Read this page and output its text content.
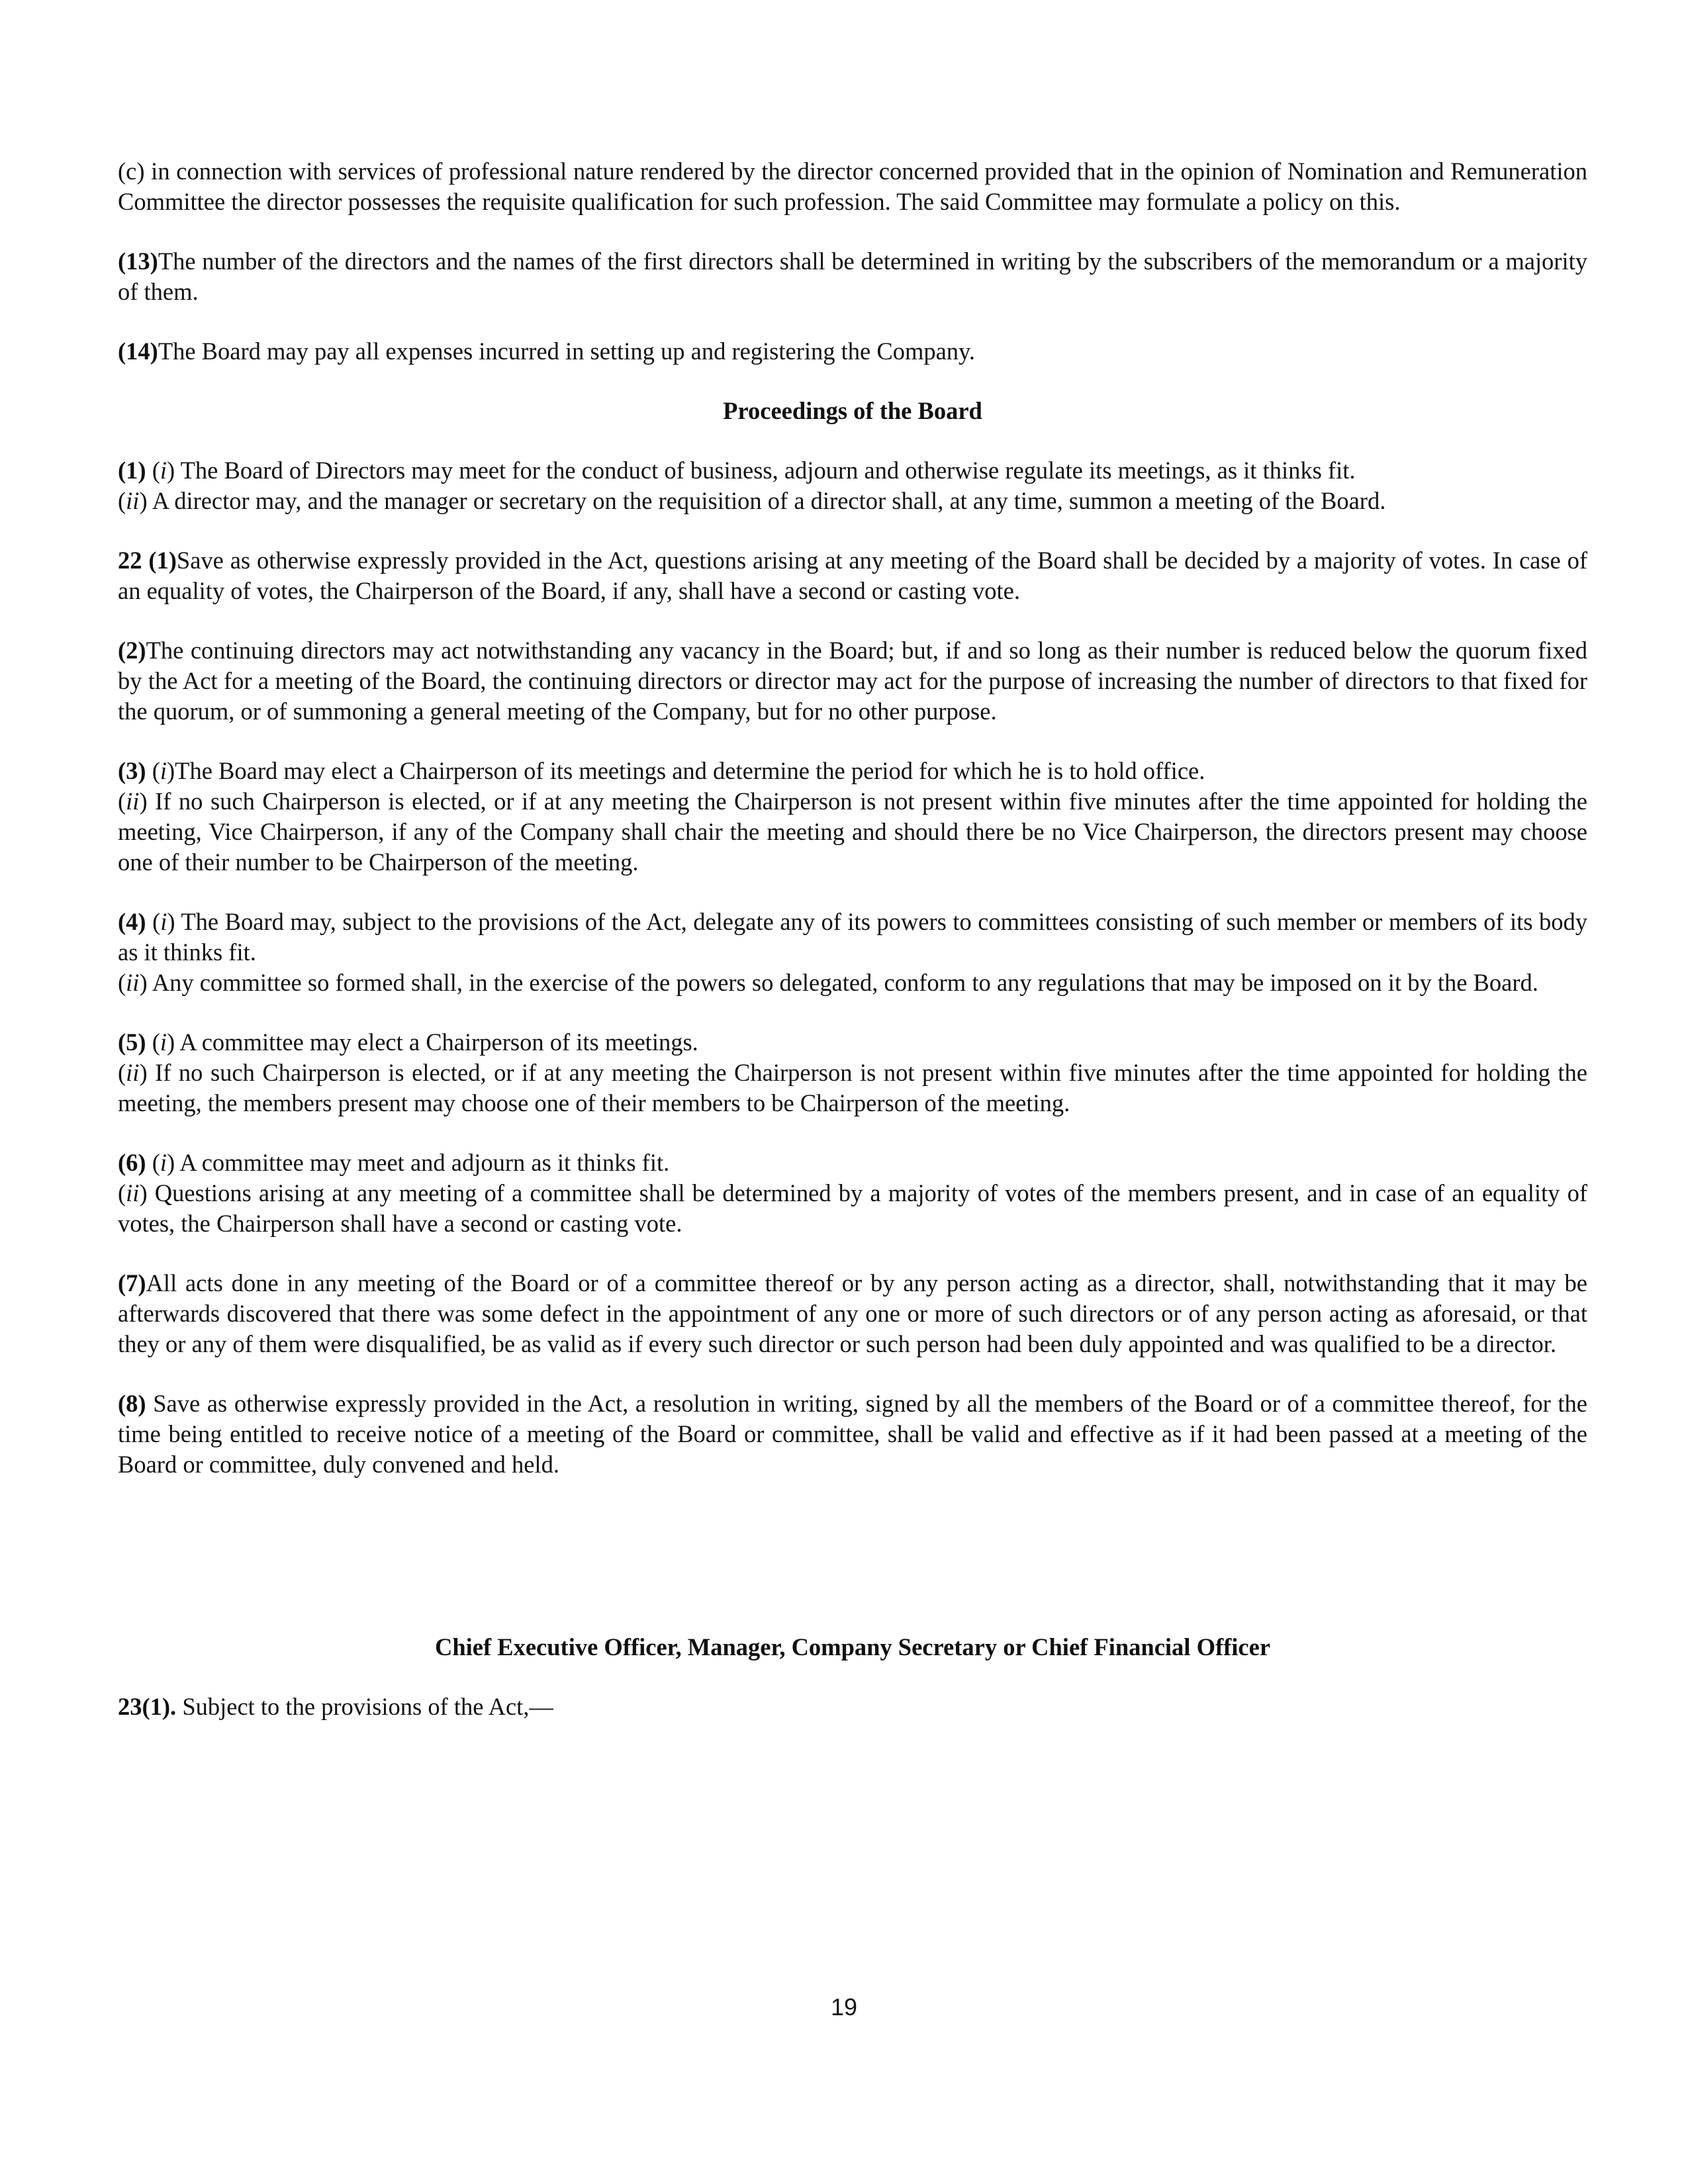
(c) in connection with services of professional nature rendered by the director concerned provided that in the opinion of Nomination and Remuneration Committee the director possesses the requisite qualification for such profession. The said Committee may formulate a policy on this.

(13)The number of the directors and the names of the first directors shall be determined in writing by the subscribers of the memorandum or a majority of them.

(14)The Board may pay all expenses incurred in setting up and registering the Company.

Proceedings of the Board

(1) (i) The Board of Directors may meet for the conduct of business, adjourn and otherwise regulate its meetings, as it thinks fit.
(ii) A director may, and the manager or secretary on the requisition of a director shall, at any time, summon a meeting of the Board.

22 (1)Save as otherwise expressly provided in the Act, questions arising at any meeting of the Board shall be decided by a majority of votes. In case of an equality of votes, the Chairperson of the Board, if any, shall have a second or casting vote.

(2)The continuing directors may act notwithstanding any vacancy in the Board; but, if and so long as their number is reduced below the quorum fixed by the Act for a meeting of the Board, the continuing directors or director may act for the purpose of increasing the number of directors to that fixed for the quorum, or of summoning a general meeting of the Company, but for no other purpose.

(3) (i)The Board may elect a Chairperson of its meetings and determine the period for which he is to hold office.
(ii) If no such Chairperson is elected, or if at any meeting the Chairperson is not present within five minutes after the time appointed for holding the meeting, Vice Chairperson, if any of the Company shall chair the meeting and should there be no Vice Chairperson, the directors present may choose one of their number to be Chairperson of the meeting.

(4) (i) The Board may, subject to the provisions of the Act, delegate any of its powers to committees consisting of such member or members of its body as it thinks fit.
(ii) Any committee so formed shall, in the exercise of the powers so delegated, conform to any regulations that may be imposed on it by the Board.

(5) (i) A committee may elect a Chairperson of its meetings.
(ii) If no such Chairperson is elected, or if at any meeting the Chairperson is not present within five minutes after the time appointed for holding the meeting, the members present may choose one of their members to be Chairperson of the meeting.

(6) (i) A committee may meet and adjourn as it thinks fit.
(ii) Questions arising at any meeting of a committee shall be determined by a majority of votes of the members present, and in case of an equality of votes, the Chairperson shall have a second or casting vote.

(7)All acts done in any meeting of the Board or of a committee thereof or by any person acting as a director, shall, notwithstanding that it may be afterwards discovered that there was some defect in the appointment of any one or more of such directors or of any person acting as aforesaid, or that they or any of them were disqualified, be as valid as if every such director or such person had been duly appointed and was qualified to be a director.

(8) Save as otherwise expressly provided in the Act, a resolution in writing, signed by all the members of the Board or of a committee thereof, for the time being entitled to receive notice of a meeting of the Board or committee, shall be valid and effective as if it had been passed at a meeting of the Board or committee, duly convened and held.

Chief Executive Officer, Manager, Company Secretary or Chief Financial Officer

23(1). Subject to the provisions of the Act,—

19
